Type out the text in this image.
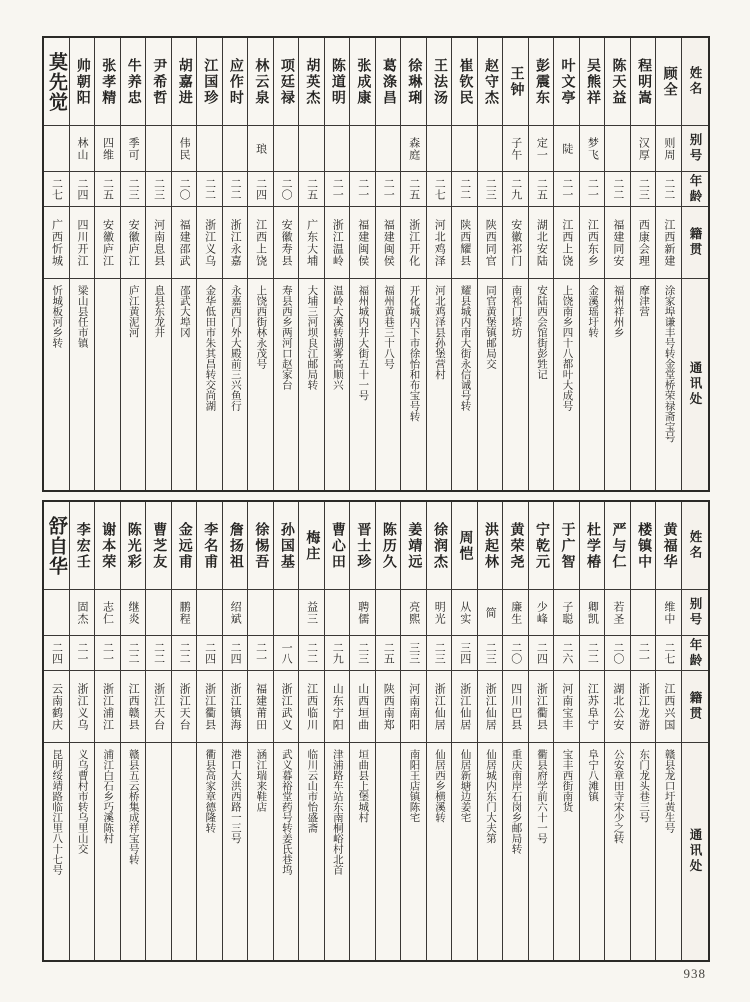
姓名
别号
年龄
籍贯
通讯处
顾全
则周
二二
江西新建
涂家埠谦丰号转金堂桥荣禄斋宝号
程明嵩
汉厚
二三
西康会理
摩津营
陈天益
二二
福建同安
福州祥州乡
吴熊祥
梦飞
二一
江西东乡
金溪瑶圩转
叶文亭
陡
二一
江西上饶
上饶南乡四十八都叶大成号
彭震东
定一
二五
湖北安陆
安陆西会馆街彭甡记
王钟
子午
二九
安徽祁门
南祁门塔坊
赵守杰
二三
陕西同官
同官黄堡镇邮局交
崔钦民
二二
陕西耀县
耀县城内南大街永信诚号转
王法汤
二七
河北鸡泽
河北鸡泽县孙堡营村
徐琳琍
森庭
二五
浙江开化
开化城内下市徐怡和布宝号转
葛涤昌
二一
福建闽侯
福州黄巷三十八号
张成康
二一
福建闽侯
福州城内井大街五十一号
陈道明
二一
浙江温岭
温岭大溪转湖雾高顺兴
胡英杰
二五
广东大埔
大埔三河坝良江邮局转
项廷禄
二〇
安徽寿县
寿县西乡两河口赵家台
林云泉
琅
二四
江西上饶
上饶西街林永茂号
应作时
二二
浙江永嘉
永嘉西门外大殿前三兴鱼行
江国珍
二二
浙江义乌
金华低田市朱其昌转交尚湖
胡嘉进
伟民
二〇
福建邵武
邵武大埠冈
尹希哲
二三
河南息县
息县东龙井
牛养忠
季可
二三
安徽庐江
庐江黄泥河
张孝精
四维
二五
安徽庐江
帅朝阳
林山
二四
四川开江
梁山县任市镇
莫先觉
二七
广西忻城
忻城板河乡转
姓名
别号
年龄
籍贯
通讯处
黄福华
维中
二七
江西兴国
赣县龙口圩黄生号
楼镇中
二一
浙江龙游
东门龙头巷三号
严与仁
若圣
二〇
湖北公安
公安章田寺宋少之转
杜学椿
卿凯
二二
江苏阜宁
阜宁八滩镇
于广智
子聪
二六
河南宝丰
宝丰西街南货
宁乾元
少峰
二四
浙江衢县
衢县府学前六十一号
黄荣尧
廉生
二〇
四川巴县
重庆南岸石岗乡邮局转
洪起林
简
二三
浙江仙居
仙居城内东门大夫第
周恺
从实
三四
浙江仙居
仙居新塘边姜宅
徐润杰
明光
二三
浙江仙居
仙居西乡横溪转
姜靖远
亮熙
三三
河南南阳
南阳王店镇陈宅
陈历久
二五
陕西南郑
晋士珍
聘儒
二三
山西垣曲
垣曲县上堡城村
曹心田
二九
山东宁阳
津浦路车站东南桐峪村北首
梅庄
益三
二二
江西临川
临川云山市怡盛斋
孙国基
一八
浙江武义
武义暮裕堂药号转姜氏巷坞
徐惕吾
二一
福建莆田
涵江瑞来鞋店
詹扬祖
绍斌
二四
浙江镇海
港口大洪西路一三号
李名甫
二四
浙江衢县
衢县高家章德隆转
金远甫
鹏程
二二
浙江天台
曹芝友
二二
浙江天台
陈光彩
继炎
二二
江西赣县
赣县五云桥集成祥宝号转
谢本荣
志仁
二一
浙江浦江
浦江白石乡巧溪陈村
李宏壬
固杰
二一
浙江义乌
义乌曹村市转乌里山交
舒自华
二四
云南鹤庆
昆明绥靖路临江里八十七号
938
